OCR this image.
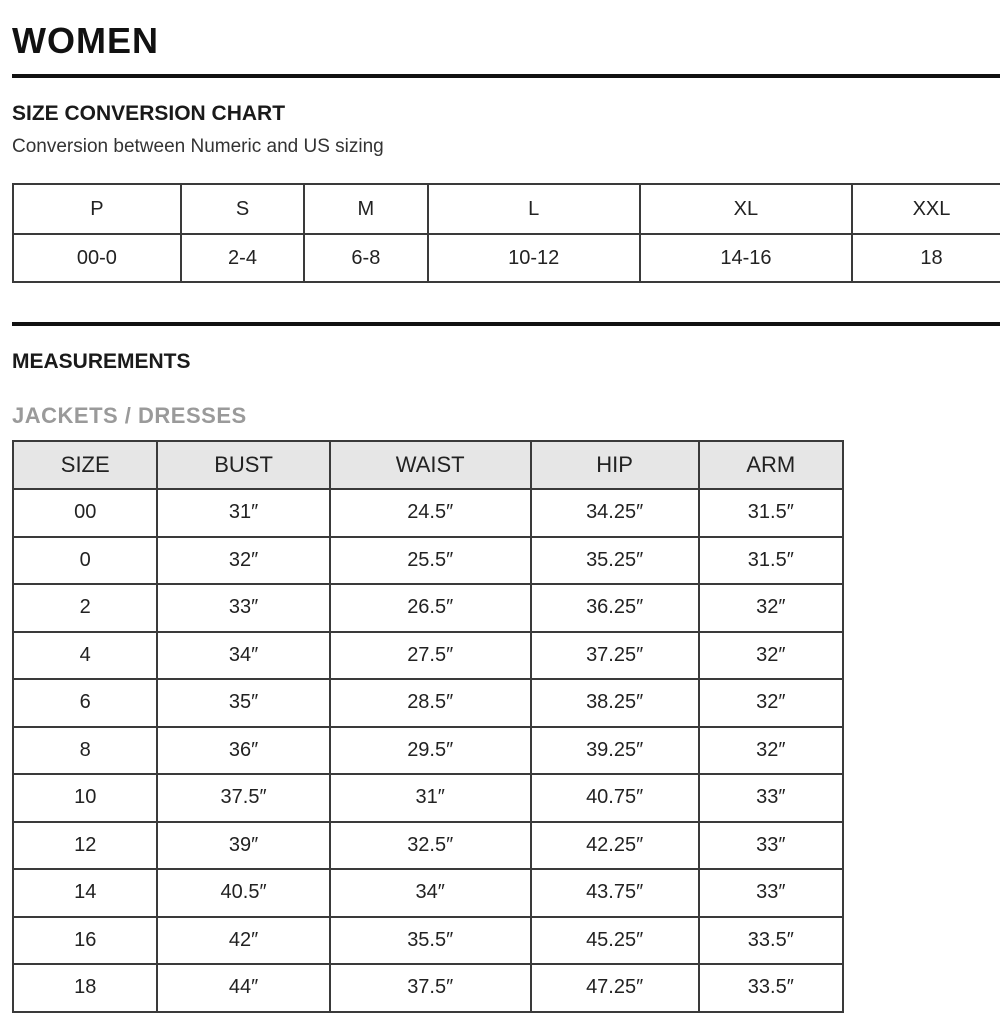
WOMEN
SIZE CONVERSION CHART
Conversion between Numeric and US sizing
P	S	M	L	XL	XXL
00-0	2-4	6-8	10-12	14-16	18
MEASUREMENTS
JACKETS / DRESSES
SIZE	BUST	WAIST	HIP	ARM
00	31″	24.5″	34.25″	31.5″
0	32″	25.5″	35.25″	31.5″
2	33″	26.5″	36.25″	32″
4	34″	27.5″	37.25″	32″
6	35″	28.5″	38.25″	32″
8	36″	29.5″	39.25″	32″
10	37.5″	31″	40.75″	33″
12	39″	32.5″	42.25″	33″
14	40.5″	34″	43.75″	33″
16	42″	35.5″	45.25″	33.5″
18	44″	37.5″	47.25″	33.5″
